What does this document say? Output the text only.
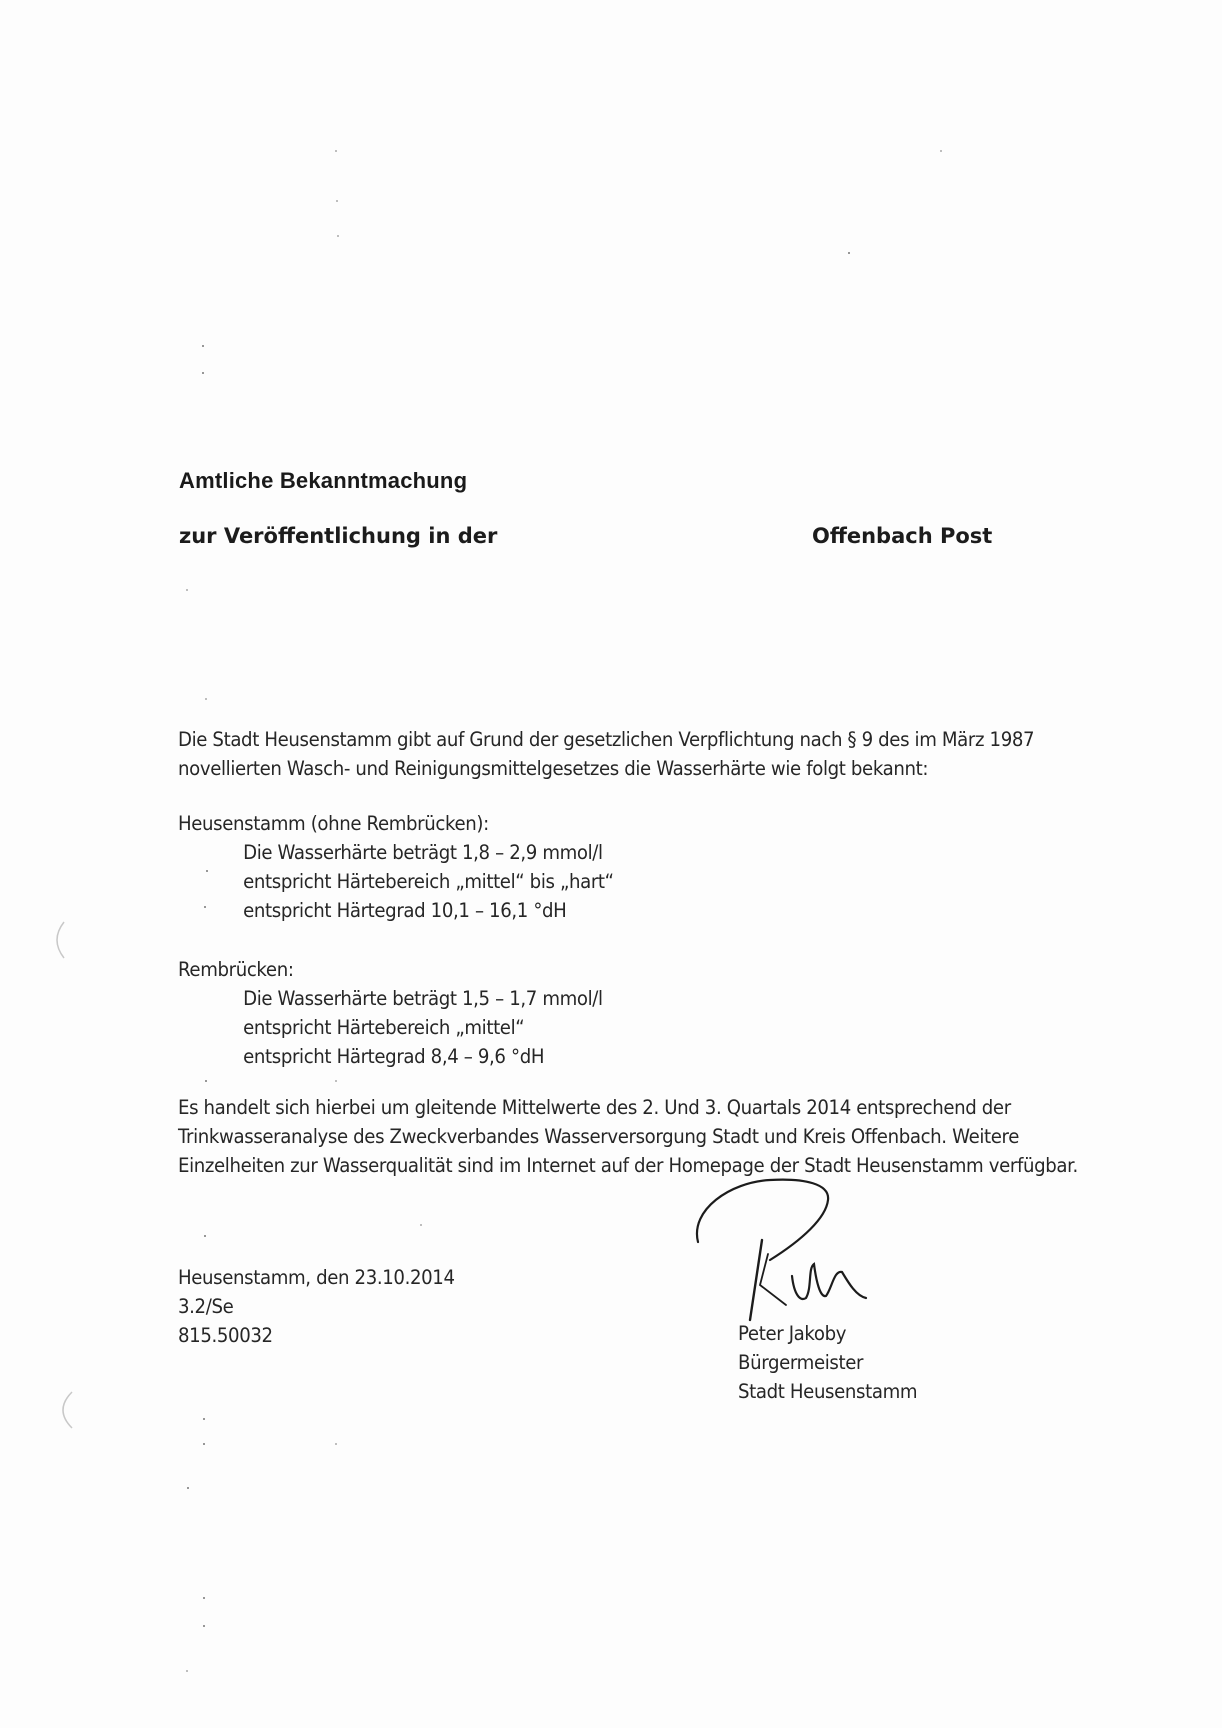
Amtliche Bekanntmachung
zur Veröffentlichung in der	Offenbach Post
Die Stadt Heusenstamm gibt auf Grund der gesetzlichen Verpflichtung nach § 9 des im März 1987
novellierten Wasch- und Reinigungsmittelgesetzes die Wasserhärte wie folgt bekannt:
Heusenstamm (ohne Rembrücken):
Die Wasserhärte beträgt 1,8 – 2,9 mmol/l
entspricht Härtebereich „mittel“ bis „hart“
entspricht Härtegrad 10,1 – 16,1 °dH
Rembrücken:
Die Wasserhärte beträgt 1,5 – 1,7 mmol/l
entspricht Härtebereich „mittel“
entspricht Härtegrad 8,4 – 9,6 °dH
Es handelt sich hierbei um gleitende Mittelwerte des 2. Und 3. Quartals 2014 entsprechend der
Trinkwasseranalyse des Zweckverbandes Wasserversorgung Stadt und Kreis Offenbach. Weitere
Einzelheiten zur Wasserqualität sind im Internet auf der Homepage der Stadt Heusenstamm verfügbar.
Heusenstamm, den 23.10.2014
3.2/Se
815.50032	Peter Jakoby
Bürgermeister
Stadt Heusenstamm
